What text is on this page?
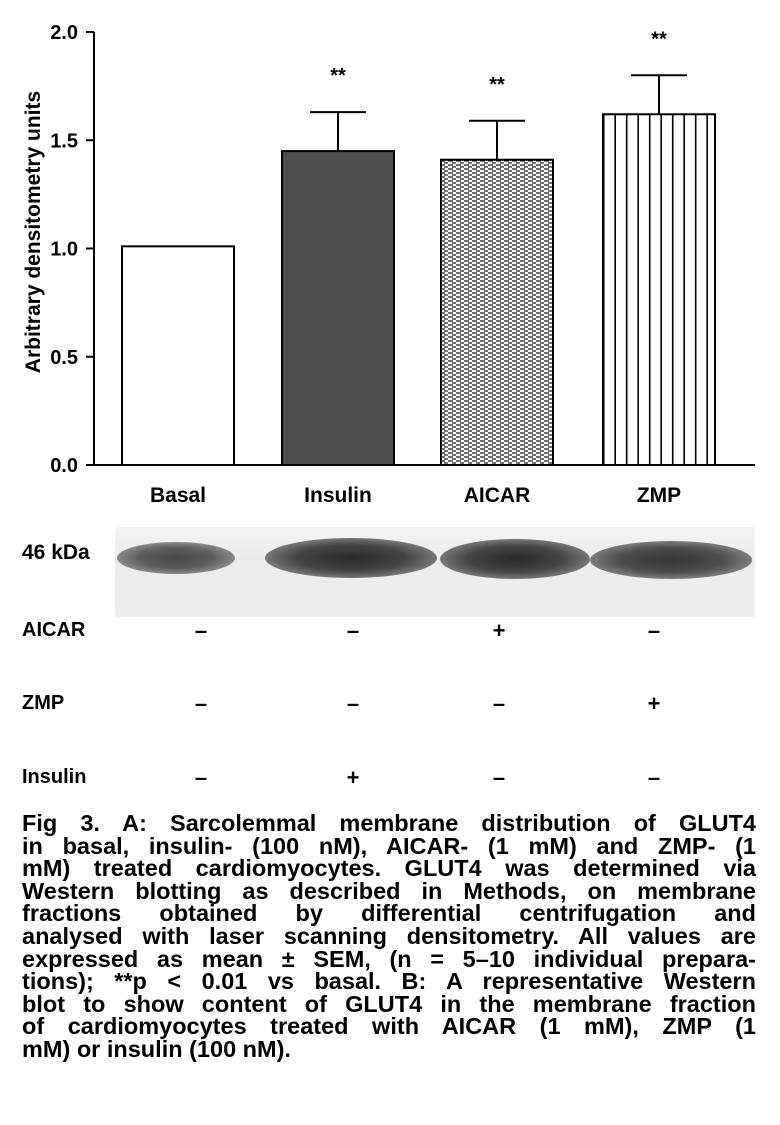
0.0
0.5
1.0
1.5
2.0
Basal	Insulin	AICAR	ZMP
**	**
**
Arbitrary densitometry units
46 kDa
AICAR	–	–	+	–
ZMP	–	–	–	+
Insulin	–	+	–	–
Fig 3. A: Sarcolemmal membrane distribution of GLUT4
in basal, insulin- (100 nM), AICAR- (1 mM) and ZMP- (1
mM) treated cardiomyocytes. GLUT4 was determined via
Western blotting as described in Methods, on membrane
fractions obtained by differential centrifugation and
analysed with laser scanning densitometry. All values are
expressed as mean ± SEM, (n = 5–10 individual prepara-
tions); **p < 0.01 vs basal. B: A representative Western
blot to show content of GLUT4 in the membrane fraction
of cardiomyocytes treated with AICAR (1 mM), ZMP (1
mM) or insulin (100 nM).
